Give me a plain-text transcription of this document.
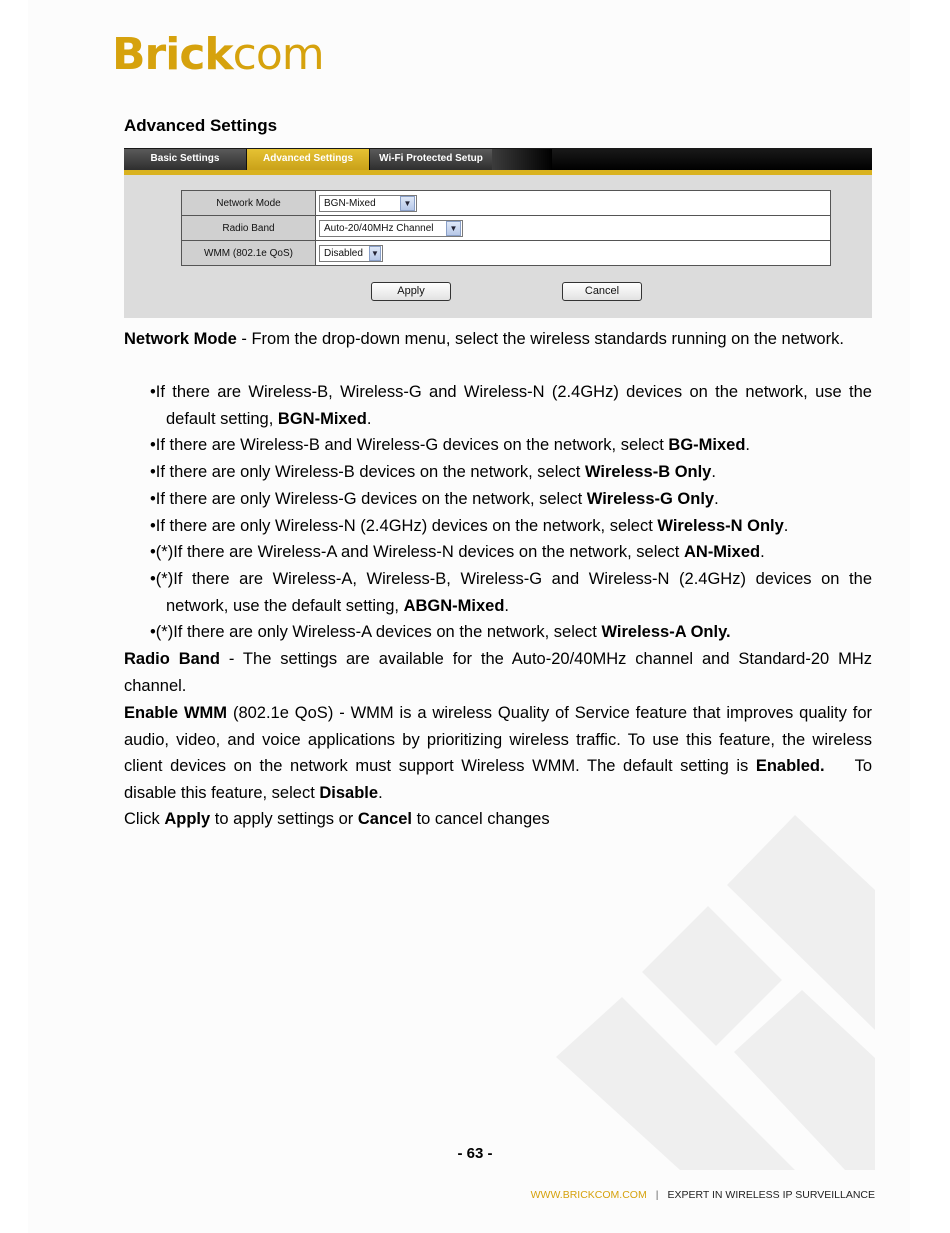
Brickcom
Advanced Settings
Basic Settings	Advanced Settings	Wi-Fi Protected Setup
Network Mode	BGN-Mixed ▼

Radio Band	Auto-20/40MHz Channel ▼

WMM (802.1e QoS)	Disabled ▼
Apply	Cancel
Network Mode - From the drop-down menu, select the wireless standards running on the network.
• If there are Wireless-B, Wireless-G and Wireless-N (2.4GHz) devices on the network, use the default setting, BGN-Mixed.
• If there are Wireless-B and Wireless-G devices on the network, select BG-Mixed.
• If there are only Wireless-B devices on the network, select Wireless-B Only.
• If there are only Wireless-G devices on the network, select Wireless-G Only.
• If there are only Wireless-N (2.4GHz) devices on the network, select Wireless-N Only.
• (*)If there are Wireless-A and Wireless-N devices on the network, select AN-Mixed.
• (*)If there are Wireless-A, Wireless-B, Wireless-G and Wireless-N (2.4GHz) devices on the network, use the default setting, ABGN-Mixed.
• (*)If there are only Wireless-A devices on the network, select Wireless-A Only.
Radio Band - The settings are available for the Auto-20/40MHz channel and Standard-20 MHz channel.
Enable WMM (802.1e QoS) - WMM is a wireless Quality of Service feature that improves quality for audio, video, and voice applications by prioritizing wireless traffic. To use this feature, the wireless client devices on the network must support Wireless WMM. The default setting is Enabled. To disable this feature, select Disable.
Click Apply to apply settings or Cancel to cancel changes
- 63 -
WWW.BRICKCOM.COM | EXPERT IN WIRELESS IP SURVEILLANCE
